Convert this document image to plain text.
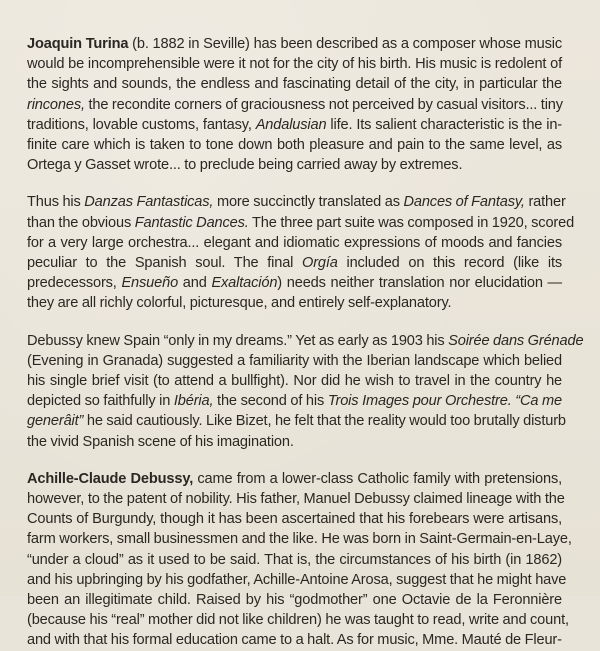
Joaquin Turina (b. 1882 in Seville) has been described as a composer whose music
would be incomprehensible were it not for the city of his birth. His music is redolent of
the sights and sounds, the endless and fascinating detail of the city, in particular the
rincones, the recondite corners of graciousness not perceived by casual visitors... tiny
traditions, lovable customs, fantasy, Andalusian life. Its salient characteristic is the in-
finite care which is taken to tone down both pleasure and pain to the same level, as
Ortega y Gasset wrote... to preclude being carried away by extremes.

Thus his Danzas Fantasticas, more succinctly translated as Dances of Fantasy, rather
than the obvious Fantastic Dances. The three part suite was composed in 1920, scored
for a very large orchestra... elegant and idiomatic expressions of moods and fancies
peculiar to the Spanish soul. The final Orgía included on this record (like its
predecessors, Ensueño and Exaltación) needs neither translation nor elucidation —
they are all richly colorful, picturesque, and entirely self-explanatory.

Debussy knew Spain “only in my dreams.” Yet as early as 1903 his Soirée dans Grénade
(Evening in Granada) suggested a familiarity with the Iberian landscape which belied
his single brief visit (to attend a bullfight). Nor did he wish to travel in the country he
depicted so faithfully in Ibéria, the second of his Trois Images pour Orchestre. “Ca me
generâit” he said cautiously. Like Bizet, he felt that the reality would too brutally disturb
the vivid Spanish scene of his imagination.

Achille-Claude Debussy, came from a lower-class Catholic family with pretensions,
however, to the patent of nobility. His father, Manuel Debussy claimed lineage with the
Counts of Burgundy, though it has been ascertained that his forebears were artisans,
farm workers, small businessmen and the like. He was born in Saint-Germain-en-Laye,
“under a cloud” as it used to be said. That is, the circumstances of his birth (in 1862)
and his upbringing by his godfather, Achille-Antoine Arosa, suggest that he might have
been an illegitimate child. Raised by his “godmother” one Octavie de la Feronnière
(because his “real” mother did not like children) he was taught to read, write and count,
and with that his formal education came to a halt. As for music, Mme. Mauté de Fleur-
